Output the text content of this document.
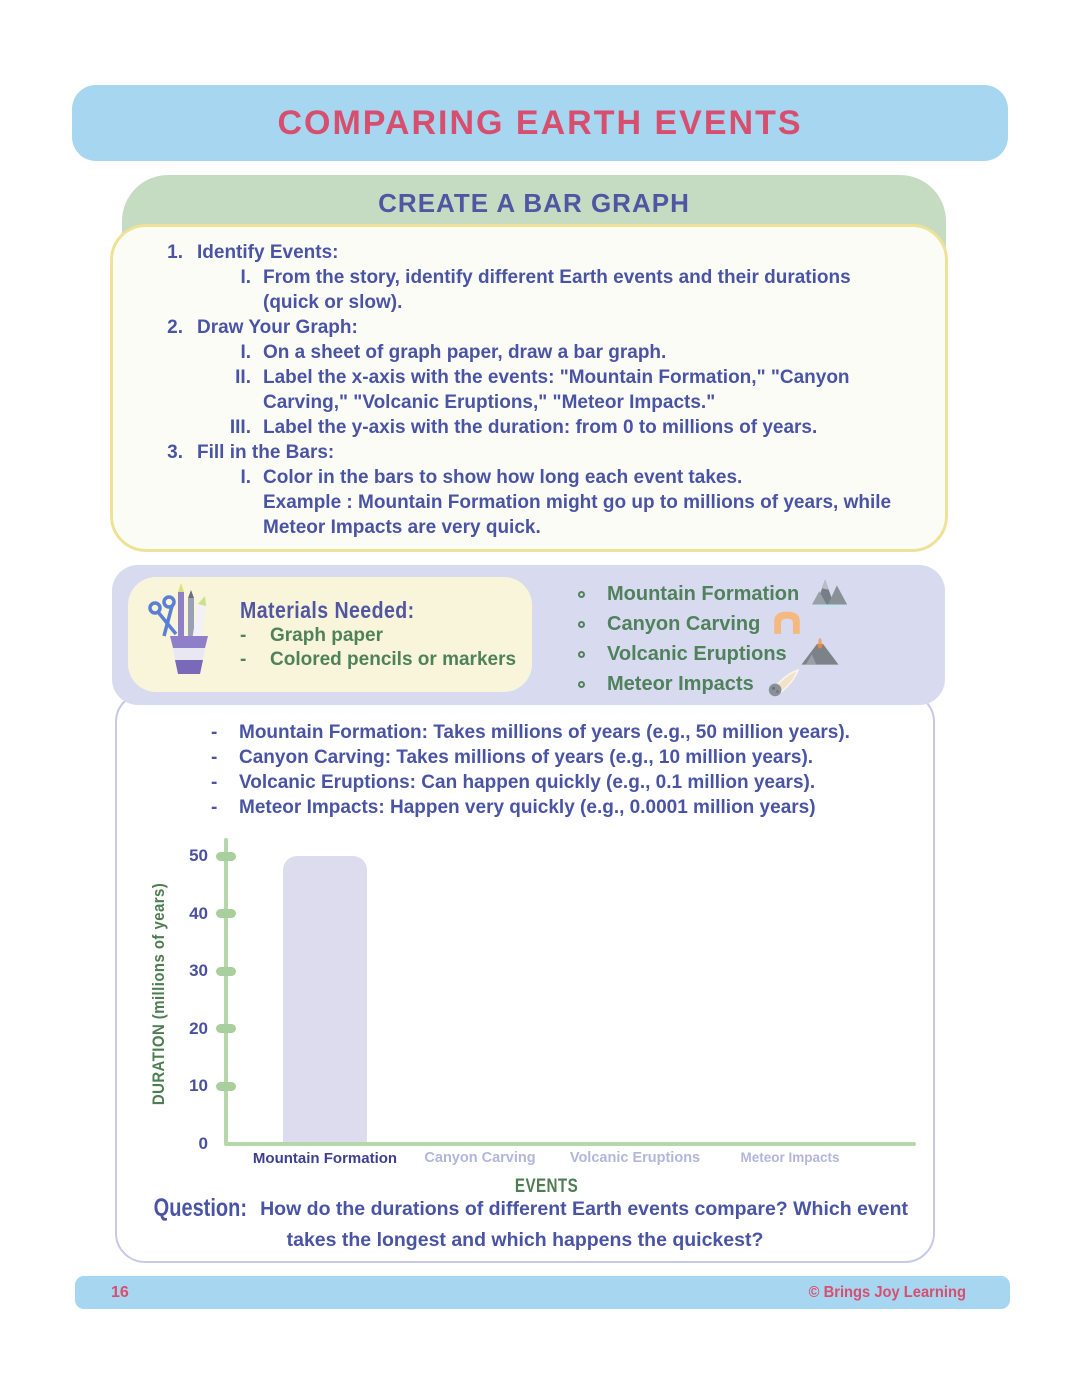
COMPARING EARTH EVENTS
CREATE A BAR GRAPH
1. Identify Events:
I. From the story, identify different Earth events and their durations (quick or slow).
2. Draw Your Graph:
I. On a sheet of graph paper, draw a bar graph.
II. Label the x-axis with the events: "Mountain Formation," "Canyon Carving," "Volcanic Eruptions," "Meteor Impacts."
III. Label the y-axis with the duration: from 0 to millions of years.
3. Fill in the Bars:
I. Color in the bars to show how long each event takes.
Example : Mountain Formation might go up to millions of years, while Meteor Impacts are very quick.
Materials Needed:
-	Graph paper
-	Colored pencils or markers
Mountain Formation
Canyon Carving
Volcanic Eruptions
Meteor Impacts
- Mountain Formation: Takes millions of years (e.g., 50 million years).
- Canyon Carving: Takes millions of years (e.g., 10 million years).
- Volcanic Eruptions: Can happen quickly (e.g., 0.1 million years).
- Meteor Impacts: Happen very quickly (e.g., 0.0001 million years)
DURATION (millions of years)
0
10
20
30
40
50
Mountain Formation	Canyon Carving	Volcanic Eruptions	Meteor Impacts
EVENTS
Question: How do the durations of different Earth events compare? Which event takes the longest and which happens the quickest?
16	© Brings Joy Learning
